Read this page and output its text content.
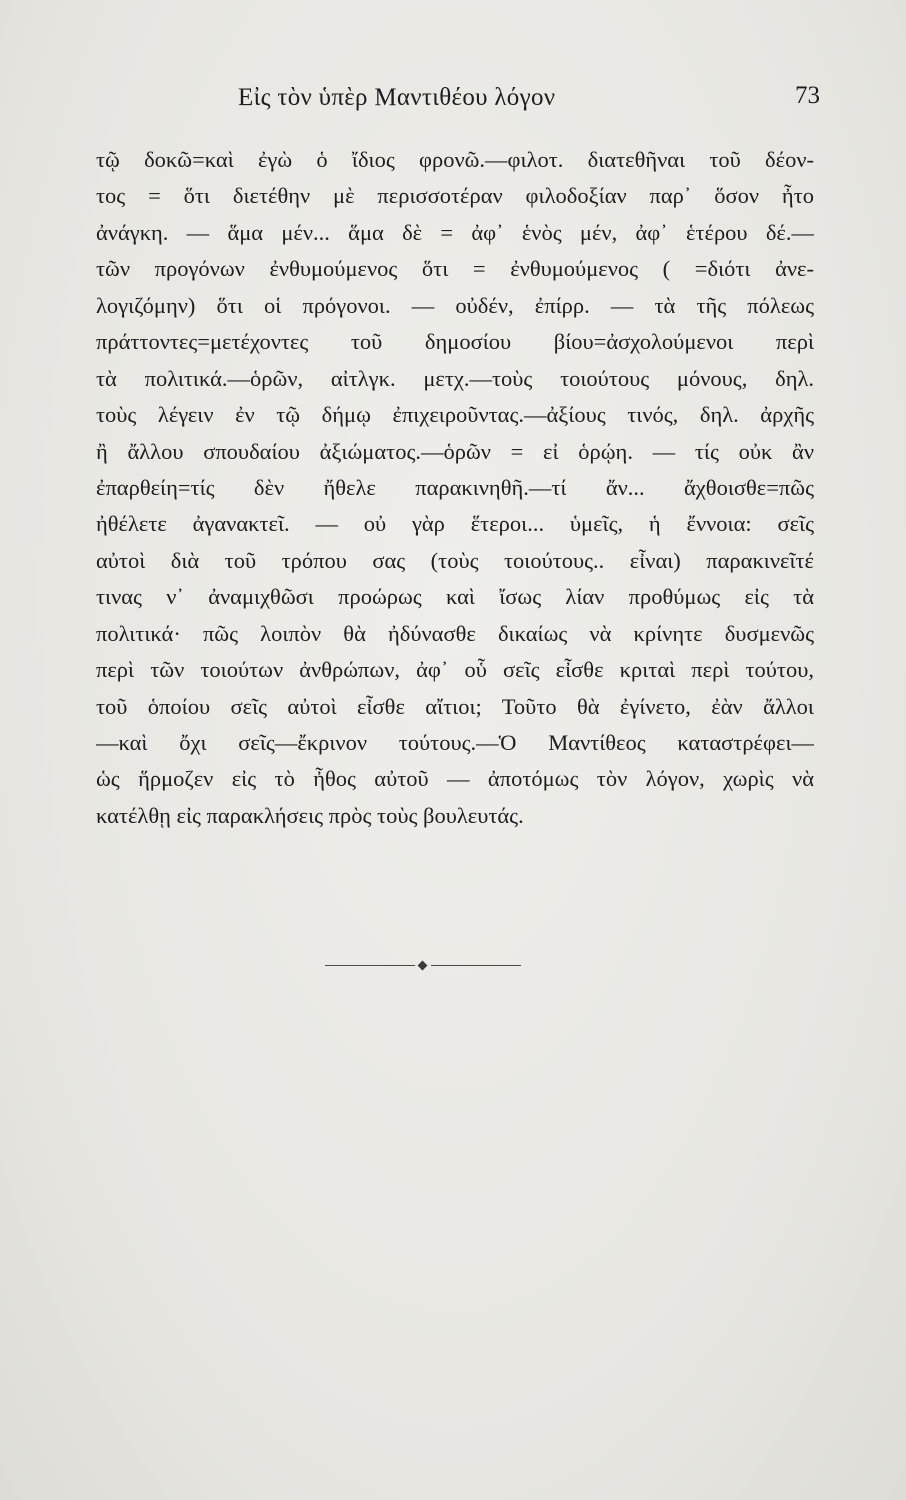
Εἰς τὸν ὑπὲρ Μαντιθέου λόγον	73
τῷ δοκῶ=καὶ ἐγὼ ὁ ἴδιος φρονῶ.—φιλοτ. διατεθῆναι τοῦ δέον-
τος = ὅτι διετέθην μὲ περισσοτέραν φιλοδοξίαν παρ᾽ ὅσον ἦτο
ἀνάγκη. — ἅμα μέν... ἅμα δὲ = ἀφ᾽ ἑνὸς μέν, ἀφ᾽ ἑτέρου δέ.—
τῶν προγόνων ἐνθυμούμενος ὅτι = ἐνθυμούμενος ( =διότι ἀνε-
λογιζόμην) ὅτι οἱ πρόγονοι. — οὐδέν, ἐπίρρ. — τὰ τῆς πόλεως
πράττοντες=μετέχοντες τοῦ δημοσίου βίου=ἀσχολούμενοι περὶ
τὰ πολιτικά.—ὁρῶν, αἰτλγκ. μετχ.—τοὺς τοιούτους μόνους, δηλ.
τοὺς λέγειν ἐν τῷ δήμῳ ἐπιχειροῦντας.—ἀξίους τινός, δηλ. ἀρχῆς
ἢ ἄλλου σπουδαίου ἀξιώματος.—ὁρῶν = εἰ ὁρῴη. — τίς οὐκ ἂν
ἐπαρθείη=τίς δὲν ἤθελε παρακινηθῆ.—τί ἄν... ἄχθοισθε=πῶς
ἠθέλετε ἀγανακτεῖ. — οὐ γὰρ ἕτεροι... ὑμεῖς, ἡ ἔννοια: σεῖς
αὐτοὶ διὰ τοῦ τρόπου σας (τοὺς τοιούτους.. εἶναι) παρακινεῖτέ
τινας ν᾽ ἀναμιχθῶσι προώρως καὶ ἴσως λίαν προθύμως εἰς τὰ
πολιτικά· πῶς λοιπὸν θὰ ἠδύνασθε δικαίως νὰ κρίνητε δυσμενῶς
περὶ τῶν τοιούτων ἀνθρώπων, ἀφ᾽ οὗ σεῖς εἶσθε κριταὶ περὶ τούτου,
τοῦ ὁποίου σεῖς αὐτοὶ εἶσθε αἴτιοι; Τοῦτο θὰ ἐγίνετο, ἐὰν ἄλλοι
—καὶ ὄχι σεῖς—ἔκρινον τούτους.—Ὁ Μαντίθεος καταστρέφει—
ὡς ἥρμοζεν εἰς τὸ ἦθος αὐτοῦ — ἀποτόμως τὸν λόγον, χωρὶς νὰ
κατέλθῃ εἰς παρακλήσεις πρὸς τοὺς βουλευτάς.
